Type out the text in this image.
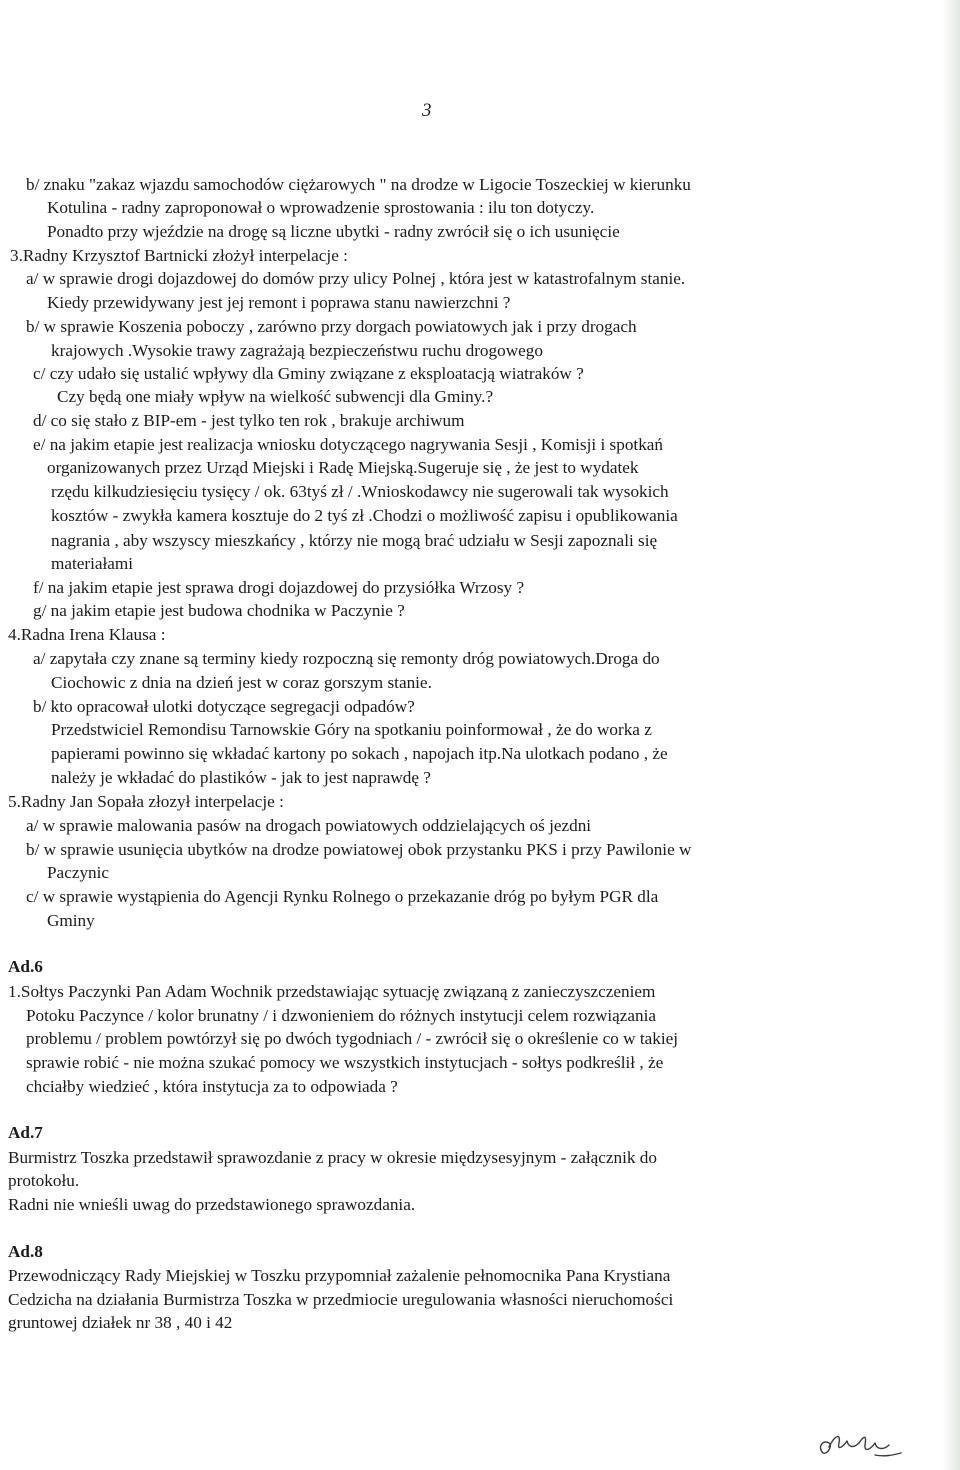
3
b/ znaku "zakaz wjazdu samochodów ciężarowych " na drodze w Ligocie Toszeckiej w kierunku
Kotulina - radny zaproponował o wprowadzenie sprostowania : ilu ton dotyczy.
Ponadto przy wjeździe na drogę są liczne ubytki - radny zwrócił się o ich usunięcie
3.Radny Krzysztof Bartnicki złożył interpelacje :
a/ w sprawie drogi dojazdowej do domów przy ulicy Polnej , która jest w katastrofalnym stanie.
Kiedy przewidywany jest jej remont i poprawa stanu nawierzchni ?
b/ w sprawie Koszenia poboczy , zarówno przy dorgach powiatowych jak i przy drogach
krajowych .Wysokie trawy zagrażają bezpieczeństwu ruchu drogowego
c/ czy udało się ustalić wpływy dla Gminy związane z eksploatacją wiatraków ?
Czy będą one miały wpływ na wielkość subwencji dla Gminy.?
d/ co się stało z BIP-em - jest tylko ten rok , brakuje archiwum
e/ na jakim etapie jest realizacja wniosku dotyczącego nagrywania Sesji , Komisji i spotkań
organizowanych przez Urząd Miejski i Radę Miejską.Sugeruje się , że jest to wydatek
rzędu kilkudziesięciu tysięcy / ok. 63tyś zł / .Wnioskodawcy nie sugerowali tak wysokich
kosztów - zwykła kamera kosztuje do 2 tyś zł .Chodzi o możliwość zapisu i opublikowania
nagrania , aby wszyscy mieszkańcy , którzy nie mogą brać udziału w Sesji zapoznali się
materiałami
f/ na jakim etapie jest sprawa drogi dojazdowej do przysiółka Wrzosy ?
g/ na jakim etapie jest budowa chodnika w Paczynie ?
4.Radna Irena Klausa :
a/ zapytała czy znane są terminy kiedy rozpoczną się remonty dróg powiatowych.Droga do
Ciochowic z dnia na dzień jest w coraz gorszym stanie.
b/ kto opracował ulotki dotyczące segregacji odpadów?
Przedstwiciel Remondisu Tarnowskie Góry na spotkaniu poinformował , że do worka z
papierami powinno się wkładać kartony po sokach , napojach itp.Na ulotkach podano , że
należy je wkładać do plastików - jak to jest naprawdę ?
5.Radny Jan Sopała złozył interpelacje :
a/ w sprawie malowania pasów na drogach powiatowych oddzielających oś jezdni
b/ w sprawie usunięcia ubytków na drodze powiatowej obok przystanku PKS i przy Pawilonie w
Paczynic
c/ w sprawie wystąpienia do Agencji Rynku Rolnego o przekazanie dróg po byłym PGR dla
Gminy
Ad.6
1.Sołtys Paczynki Pan Adam Wochnik przedstawiając sytuację związaną z zanieczyszczeniem
Potoku Paczynce / kolor brunatny / i dzwonieniem do różnych instytucji celem rozwiązania
problemu / problem powtórzył się po dwóch tygodniach / - zwrócił się o określenie co w takiej
sprawie robić - nie można szukać pomocy we wszystkich instytucjach - sołtys podkreślił , że
chciałby wiedzieć , która instytucja za to odpowiada ?
Ad.7
Burmistrz Toszka przedstawił sprawozdanie z pracy w okresie międzysesyjnym - załącznik do
protokołu.
Radni nie wnieśli uwag do przedstawionego sprawozdania.
Ad.8
Przewodniczący Rady Miejskiej w Toszku przypomniał zażalenie pełnomocnika Pana Krystiana
Cedzicha na działania Burmistrza Toszka w przedmiocie uregulowania własności nieruchomości
gruntowej działek nr 38 , 40 i 42
